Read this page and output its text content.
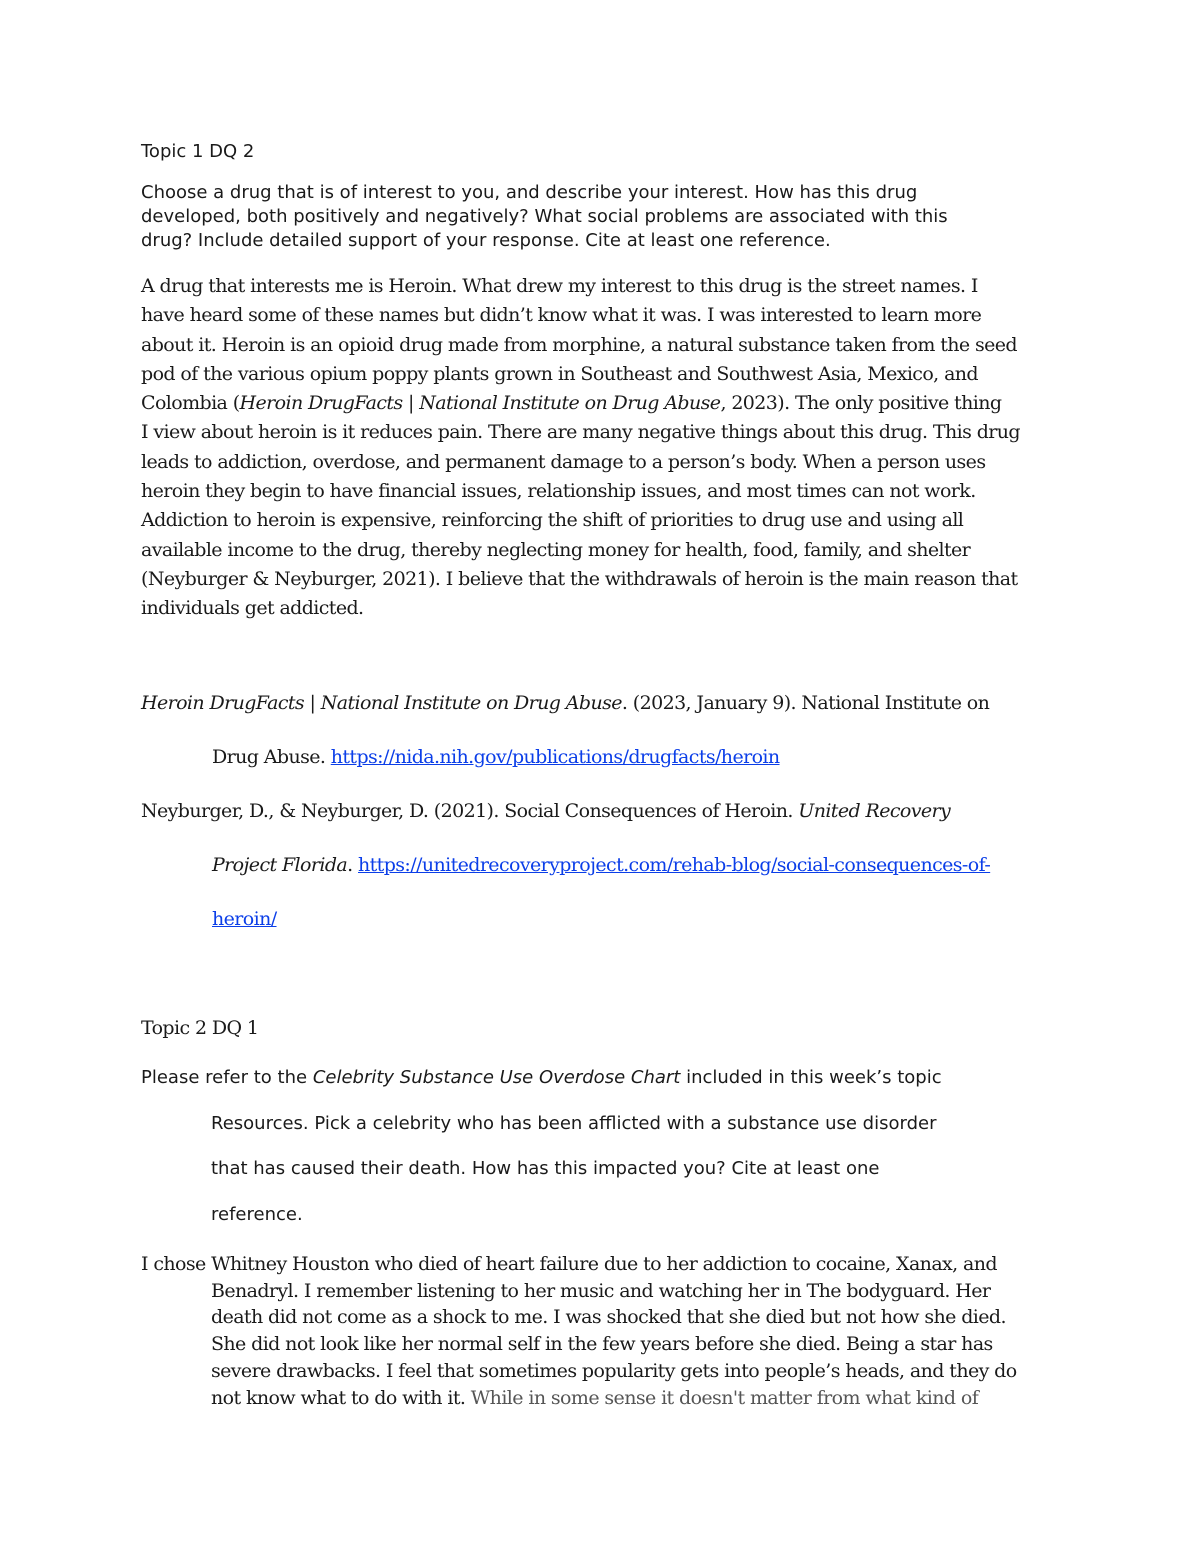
Topic 1 DQ 2

Choose a drug that is of interest to you, and describe your interest. How has this drug
developed, both positively and negatively? What social problems are associated with this
drug? Include detailed support of your response. Cite at least one reference.
A drug that interests me is Heroin. What drew my interest to this drug is the street names. I
have heard some of these names but didn’t know what it was. I was interested to learn more
about it. Heroin is an opioid drug made from morphine, a natural substance taken from the seed
pod of the various opium poppy plants grown in Southeast and Southwest Asia, Mexico, and
Colombia (Heroin DrugFacts | National Institute on Drug Abuse, 2023). The only positive thing
I view about heroin is it reduces pain. There are many negative things about this drug. This drug
leads to addiction, overdose, and permanent damage to a person’s body. When a person uses
heroin they begin to have financial issues, relationship issues, and most times can not work.
Addiction to heroin is expensive, reinforcing the shift of priorities to drug use and using all
available income to the drug, thereby neglecting money for health, food, family, and shelter
(Neyburger & Neyburger, 2021). I believe that the withdrawals of heroin is the main reason that
individuals get addicted.
Heroin DrugFacts | National Institute on Drug Abuse. (2023, January 9). National Institute on
Drug Abuse. https://nida.nih.gov/publications/drugfacts/heroin
Neyburger, D., & Neyburger, D. (2021). Social Consequences of Heroin. United Recovery
Project Florida. https://unitedrecoveryproject.com/rehab-blog/social-consequences-of-
heroin/

Topic 2 DQ 1

Please refer to the Celebrity Substance Use Overdose Chart included in this week’s topic
Resources. Pick a celebrity who has been afflicted with a substance use disorder
that has caused their death. How has this impacted you? Cite at least one
reference.
I chose Whitney Houston who died of heart failure due to her addiction to cocaine, Xanax, and
Benadryl. I remember listening to her music and watching her in The bodyguard. Her
death did not come as a shock to me. I was shocked that she died but not how she died.
She did not look like her normal self in the few years before she died. Being a star has
severe drawbacks. I feel that sometimes popularity gets into people’s heads, and they do
not know what to do with it. While in some sense it doesn't matter from what kind of
